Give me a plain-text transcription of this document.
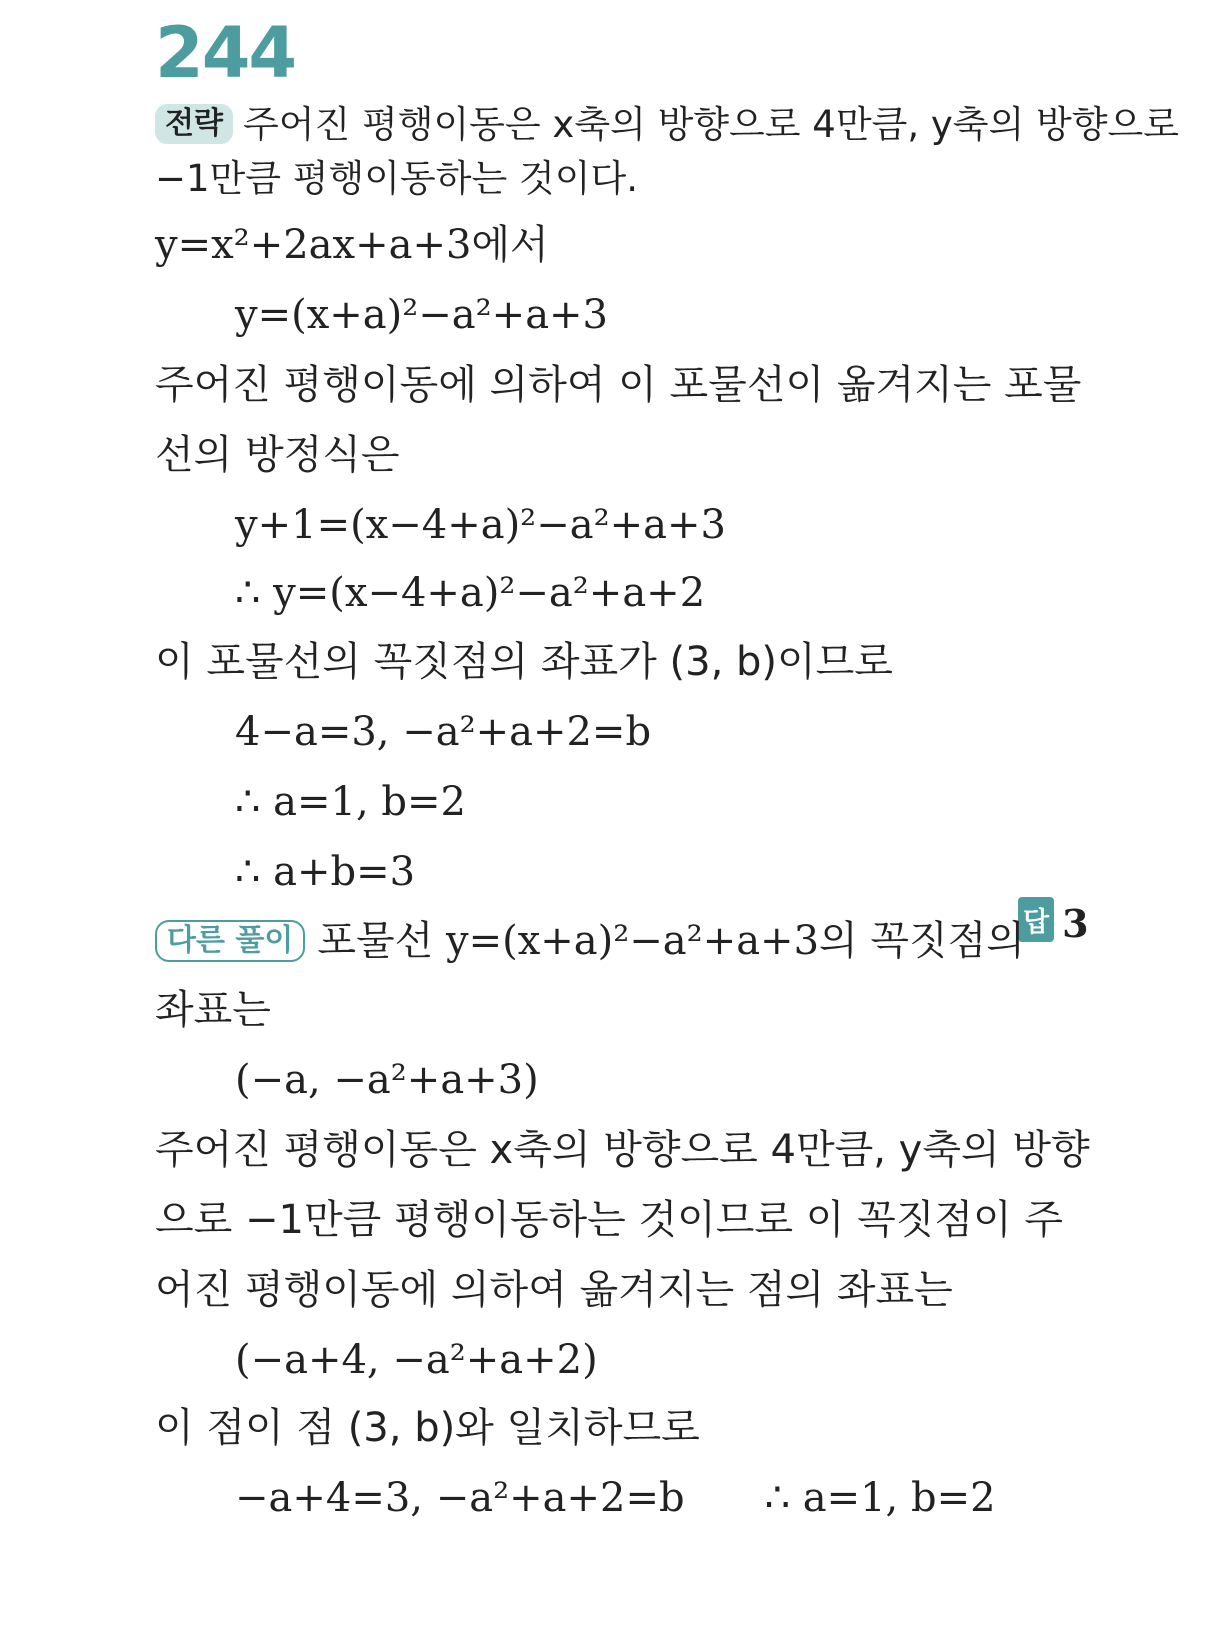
244
전략 주어진 평행이동은 x축의 방향으로 4만큼, y축의 방향으로
−1만큼 평행이동하는 것이다.
y=x²+2ax+a+3에서
y=(x+a)²−a²+a+3
주어진 평행이동에 의하여 이 포물선이 옮겨지는 포물
선의 방정식은
y+1=(x−4+a)²−a²+a+3
∴ y=(x−4+a)²−a²+a+2
이 포물선의 꼭짓점의 좌표가 (3, b)이므로
4−a=3, −a²+a+2=b
∴ a=1, b=2
∴ a+b=3
답 3
다른 풀이 포물선 y=(x+a)²−a²+a+3의 꼭짓점의
좌표는
(−a, −a²+a+3)
주어진 평행이동은 x축의 방향으로 4만큼, y축의 방향
으로 −1만큼 평행이동하는 것이므로 이 꼭짓점이 주
어진 평행이동에 의하여 옮겨지는 점의 좌표는
(−a+4, −a²+a+2)
이 점이 점 (3, b)와 일치하므로
−a+4=3, −a²+a+2=b ∴ a=1, b=2
